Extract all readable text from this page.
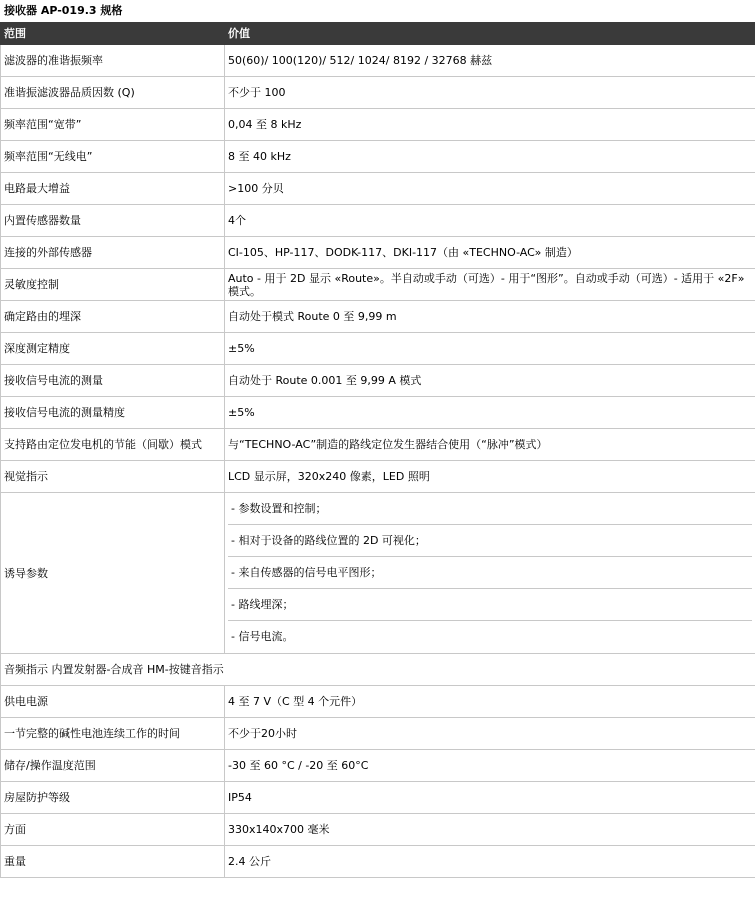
接收器 AP-019.3 规格
范围	价值
滤波器的准谐振频率	50(60)/ 100(120)/ 512/ 1024/ 8192 / 32768 赫兹
准谐振滤波器品质因数 (Q)	不少于 100
频率范围“宽带”	0,04 至 8 kHz
频率范围“无线电”	8 至 40 kHz
电路最大增益	>100 分贝
内置传感器数量	4个
连接的外部传感器	CI-105、HP-117、DODK-117、DKI-117（由 «TECHNO-AC» 制造）
灵敏度控制	Auto - 用于 2D 显示 «Route»。半自动或手动（可选）- 用于“图形”。自动或手动（可选）- 适用于 «2F» 模式。
确定路由的埋深	自动处于模式 Route 0 至 9,99 m
深度测定精度	±5%
接收信号电流的测量	自动处于 Route 0.001 至 9,99 A 模式
接收信号电流的测量精度	±5%
支持路由定位发电机的节能（间歇）模式	与“TECHNO-AC”制造的路线定位发生器结合使用（“脉冲”模式）
视觉指示	LCD 显示屏，320x240 像素，LED 照明
诱导参数	- 参数设置和控制；
- 相对于设备的路线位置的 2D 可视化；
- 来自传感器的信号电平图形；
- 路线埋深；
- 信号电流。

音频指示 内置发射器-合成音 HM-按键音指示	
供电电源	4 至 7 V（C 型 4 个元件）
一节完整的碱性电池连续工作的时间	不少于20小时
储存/操作温度范围	-30 至 60 °C / -20 至 60°C
房屋防护等级	IP54
方面	330x140x700 毫米
重量	2.4 公斤
